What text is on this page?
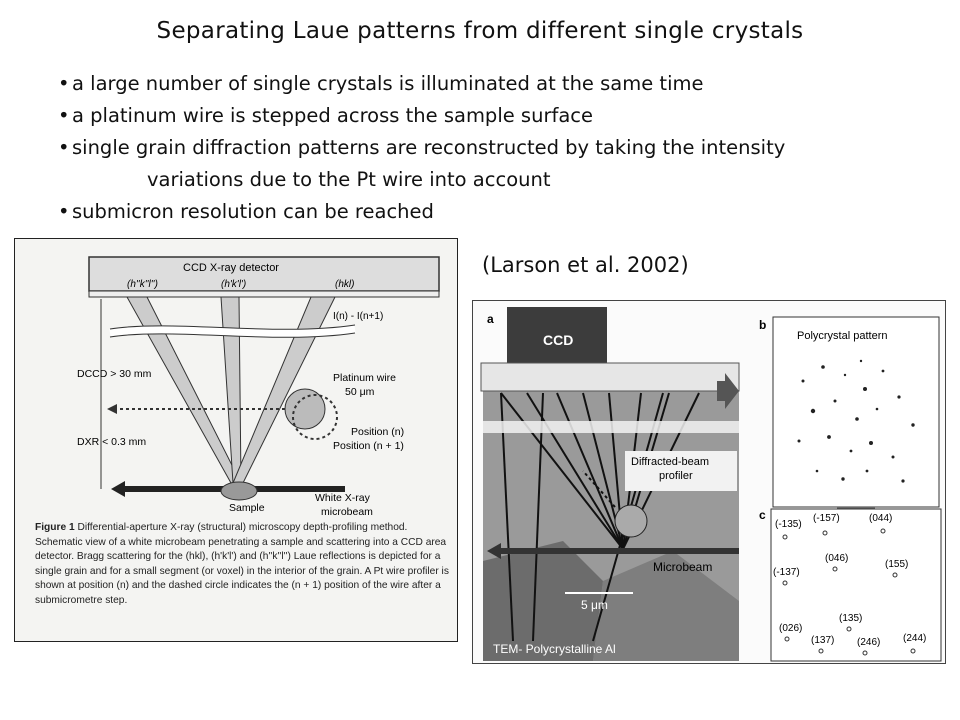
Separating Laue patterns from different single crystals
• a large number of single crystals is illuminated at the same time
• a platinum wire is stepped across the sample surface
• single grain diffraction patterns are reconstructed by taking the intensity
variations due to the Pt wire into account
• submicron resolution can be reached
(Larson et al. 2002)
CCD X-ray detector
(h''k''l'')	(h'k'l')	(hkl)
DCCD > 30 mm
DXR < 0.3 mm
I(n) - I(n+1)
Platinum wire
50 μm
Position (n)
Position (n + 1)
Sample
White X-ray
microbeam
Figure 1 Differential-aperture X-ray (structural) microscopy depth-profiling method. Schematic view of a white microbeam penetrating a sample and scattering into a CCD area detector. Bragg scattering for the (hkl), (h'k'l') and (h''k''l'') Laue reflections is depicted for a single grain and for a small segment (or voxel) in the interior of the grain. A Pt wire profiler is shown at position (n) and the dashed circle indicates the (n + 1) position of the wire after a submicrometre step.
CCD
a
Diffracted-beam
profiler
Microbeam
5 μm
TEM- Polycrystalline Al
b
Polycrystal pattern
c
(-135)
(-157)	(044)
(046)
(155)
(-137)
(026)
(135)
(137) (246) (244)
